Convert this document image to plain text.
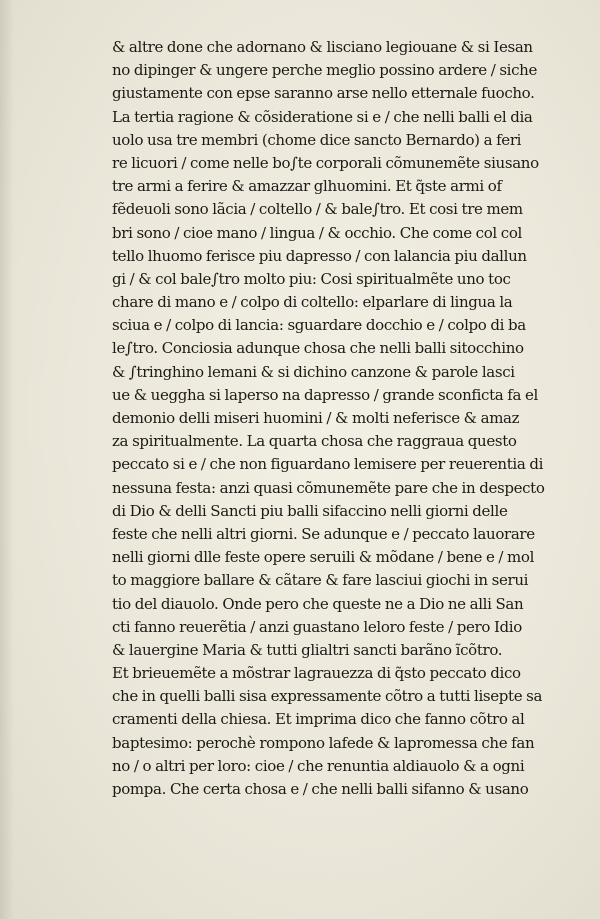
& altre done che adornano & lisciano legiouane & si Iesan
no dipinger & ungere perche meglio possino ardere / siche
giustamente con epse saranno arse nello etternale fuocho.
La tertia ragione & cõsideratione si e / che nelli balli el dia
uolo usa tre membri (chome dice sancto Bernardo) a feri
re licuori / come nelle bo∫te corporali cõmunemẽte siusano
tre armi a ferire & amazzar glhuomini. Et q̃ste armi of
fẽdeuoli sono lãcia / coltello / & bale∫tro. Et cosi tre mem
bri sono / cioe mano / lingua / & occhio. Che come col col
tello lhuomo ferisce piu dapresso / con lalancia piu dallun
gi / & col bale∫tro molto piu: Cosi spiritualmẽte uno toc
chare di mano e / colpo di coltello: elparlare di lingua la
sciua e / colpo di lancia: sguardare docchio e / colpo di ba
le∫tro. Conciosia adunque chosa che nelli balli sitocchino
& ∫tringhino lemani & si dichino canzone & parole lasci
ue & ueggha si laperso na dapresso / grande sconficta fa el
demonio delli miseri huomini / & molti neferisce & amaz
za spiritualmente. La quarta chosa che raggraua questo
peccato si e / che non figuardano lemisere per reuerentia di
nessuna festa: anzi quasi cõmunemẽte pare che in despecto
di Dio & delli Sancti piu balli sifaccino nelli giorni delle
feste che nelli altri giorni. Se adunque e / peccato lauorare
nelli giorni dlle feste opere seruili & mõdane / bene e / mol
to maggiore ballare & cãtare & fare lasciui giochi in serui
tio del diauolo. Onde pero che queste ne a Dio ne alli San
cti fanno reuerẽtia / anzi guastano leloro feste / pero Idio
& lauergine Maria & tutti glialtri sancti barãno ĩcõtro.
Et brieuemẽte a mõstrar lagrauezza di q̃sto peccato dico
che in quelli balli sisa expressamente cõtro a tutti lisepte sa
cramenti della chiesa. Et imprima dico che fanno cõtro al
baptesimo: perochè rompono lafede & lapromessa che fan
no / o altri per loro: cioe / che renuntia aldiauolo & a ogni
pompa. Che certa chosa e / che nelli balli sifanno & usano
